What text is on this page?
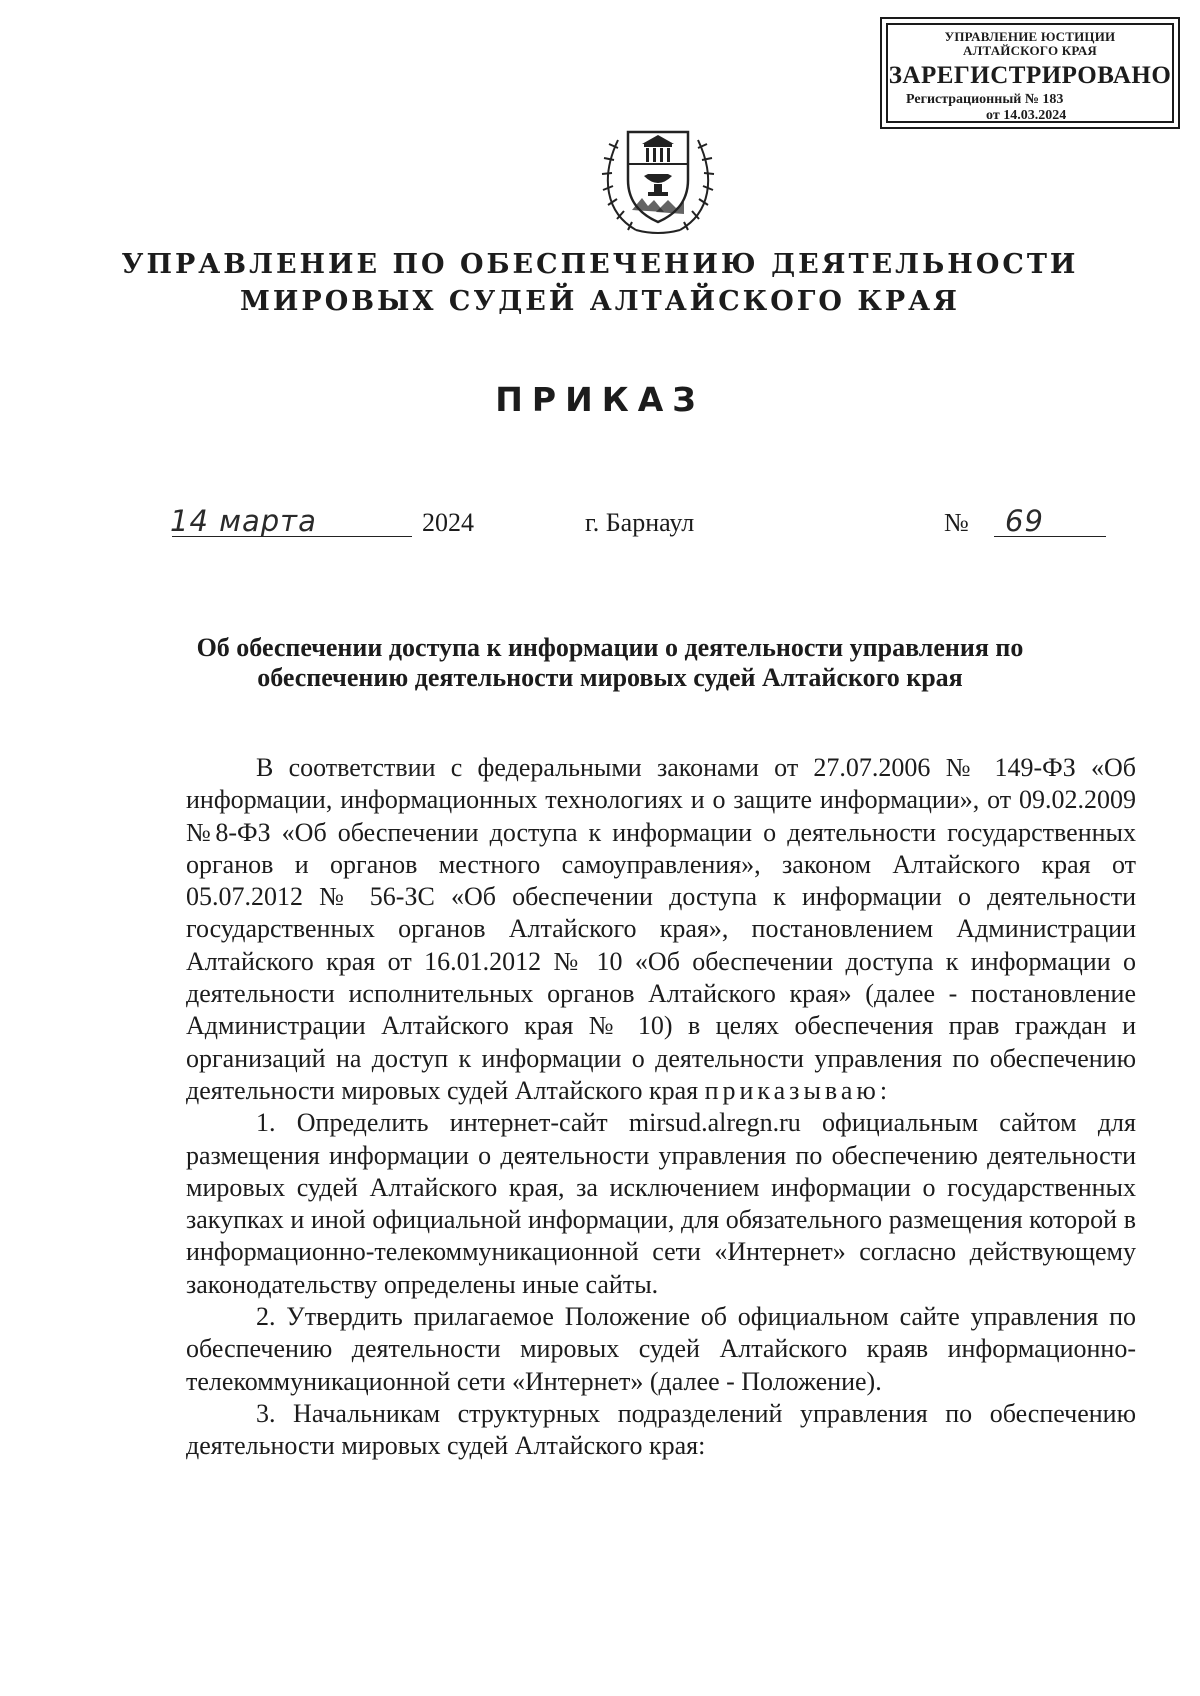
УПРАВЛЕНИЕ ЮСТИЦИИ
АЛТАЙСКОГО КРАЯ
ЗАРЕГИСТРИРОВАНО
Регистрационный № 183
от 14.03.2024
УПРАВЛЕНИЕ ПО ОБЕСПЕЧЕНИЮ ДЕЯТЕЛЬНОСТИ
МИРОВЫХ СУДЕЙ АЛТАЙСКОГО КРАЯ
ПРИКАЗ
14 марта	2024	г. Барнаул	№ 69
Об обеспечении доступа к информации о деятельности управления по
обеспечению деятельности мировых судей Алтайского края

В соответствии с федеральными законами от 27.07.2006 № 149-ФЗ «Об информации, информационных технологиях и о защите информации», от 09.02.2009 №8-ФЗ «Об обеспечении доступа к информации о деятельности государственных органов и органов местного самоуправления», законом Алтайского края от 05.07.2012 № 56-ЗС «Об обеспечении доступа к информации о деятельности государственных органов Алтайского края», постановлением Администрации Алтайского края от 16.01.2012 № 10 «Об обеспечении доступа к информации о деятельности исполнительных органов Алтайского края» (далее - постановление Администрации Алтайского края № 10) в целях обеспечения прав граждан и организаций на доступ к информации о деятельности управления по обеспечению деятельности мировых судей Алтайского края приказываю:

1. Определить интернет-сайт mirsud.alregn.ru официальным сайтом для размещения информации о деятельности управления по обеспечению деятельности мировых судей Алтайского края, за исключением информации о государственных закупках и иной официальной информации, для обязательного размещения которой в информационно-телекоммуникационной сети «Интернет» согласно действующему законодательству определены иные сайты.

2. Утвердить прилагаемое Положение об официальном сайте управления по обеспечению деятельности мировых судей Алтайского краяв информационно-телекоммуникационной сети «Интернет» (далее - Положение).

3. Начальникам структурных подразделений управления по обеспечению деятельности мировых судей Алтайского края:
